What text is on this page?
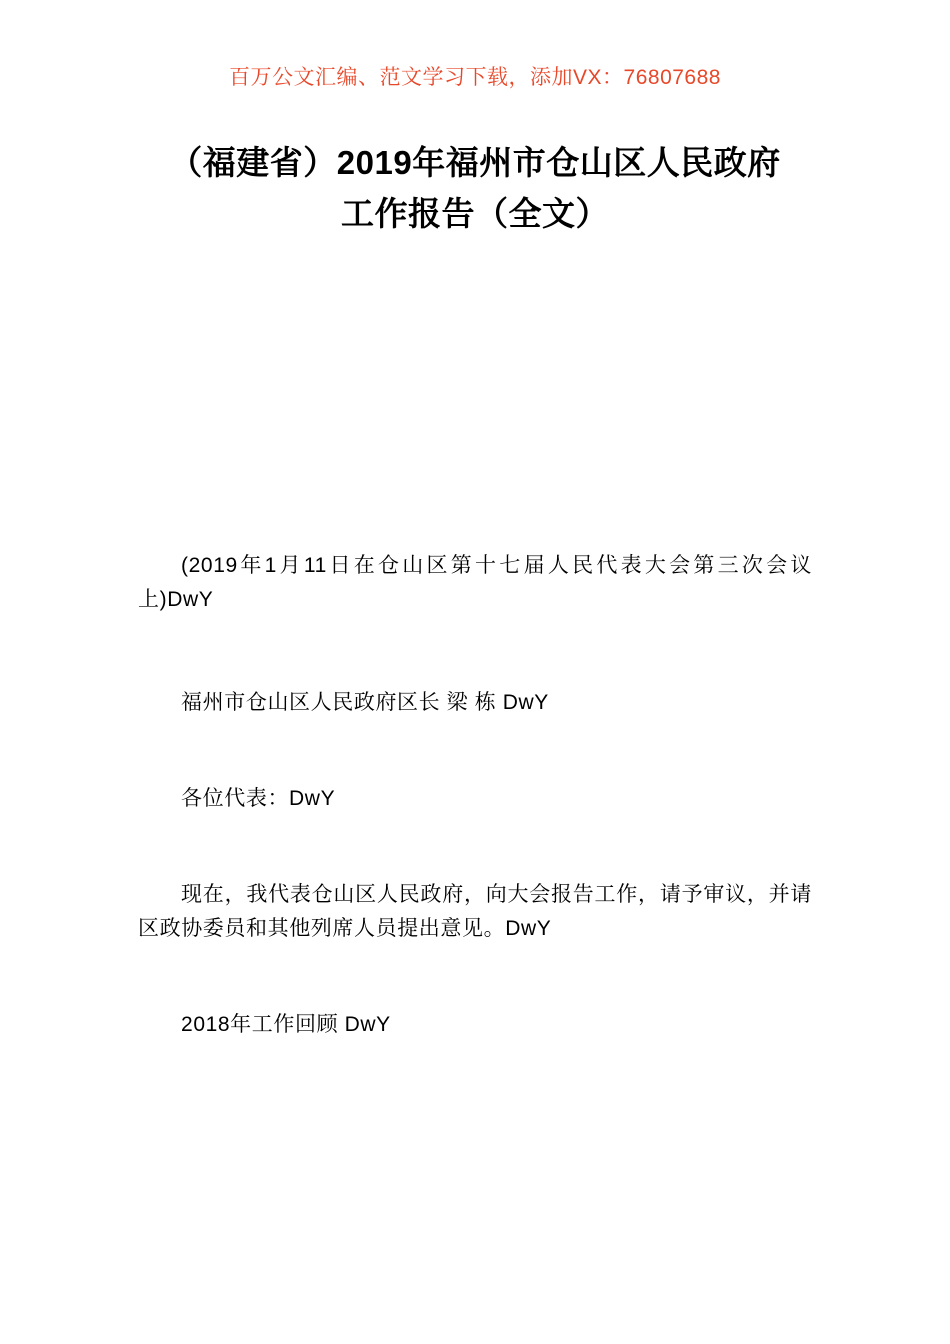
百万公文汇编、范文学习下载，添加VX：76807688
（福建省）2019年福州市仓山区人民政府
工作报告（全文）

(2019年1月11日在仓山区第十七届人民代表大会第三次会议上)DwY

福州市仓山区人民政府区长 梁 栋 DwY

各位代表：DwY

现在，我代表仓山区人民政府，向大会报告工作，请予审议，并请区政协委员和其他列席人员提出意见。DwY

2018年工作回顾 DwY
